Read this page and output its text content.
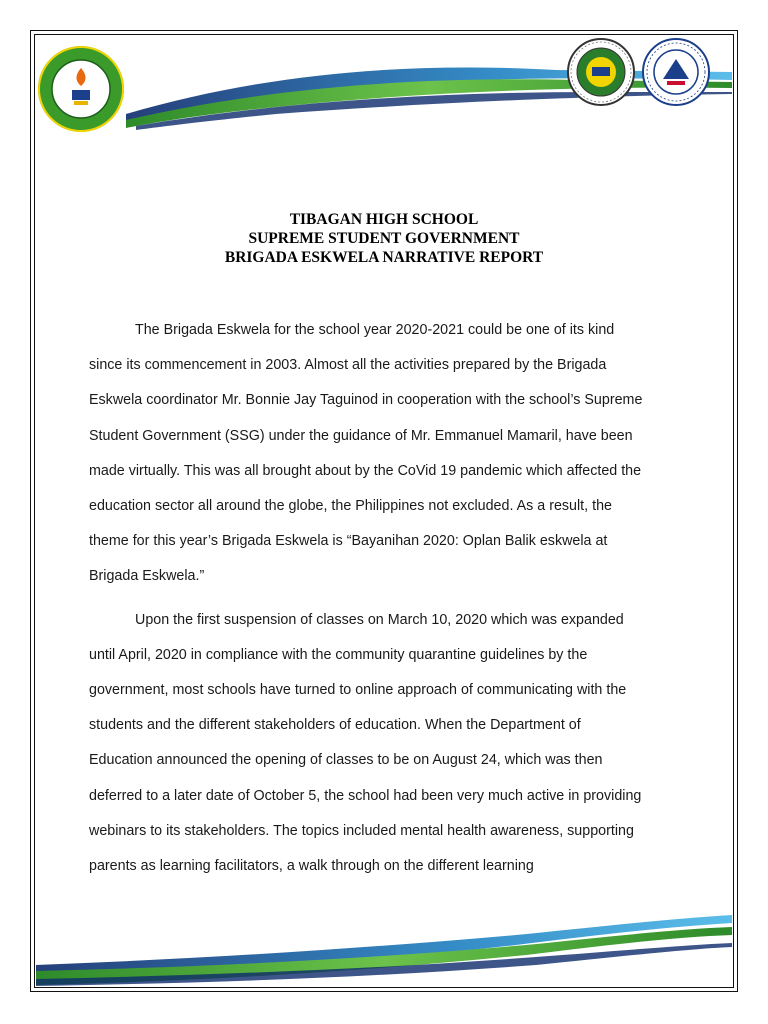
TIBAGAN HIGH SCHOOL
SUPREME STUDENT GOVERNMENT
BRIGADA ESKWELA NARRATIVE REPORT
The Brigada Eskwela for the school year 2020-2021 could be one of its kind
since its commencement in 2003. Almost all the activities prepared by the Brigada
Eskwela coordinator Mr. Bonnie Jay Taguinod in cooperation with the school’s Supreme
Student Government (SSG) under the guidance of Mr. Emmanuel Mamaril, have been
made virtually. This was all brought about by the CoVid 19 pandemic which affected the
education sector all around the globe, the Philippines not excluded. As a result, the
theme for this year’s Brigada Eskwela is “Bayanihan 2020: Oplan Balik eskwela at
Brigada Eskwela.”
Upon the first suspension of classes on March 10, 2020 which was expanded
until April, 2020 in compliance with the community quarantine guidelines by the
government, most schools have turned to online approach of communicating with the
students and the different stakeholders of education. When the Department of
Education announced the opening of classes to be on August 24, which was then
deferred to a later date of October 5, the school had been very much active in providing
webinars to its stakeholders. The topics included mental health awareness, supporting
parents as learning facilitators, a walk through on the different learning
